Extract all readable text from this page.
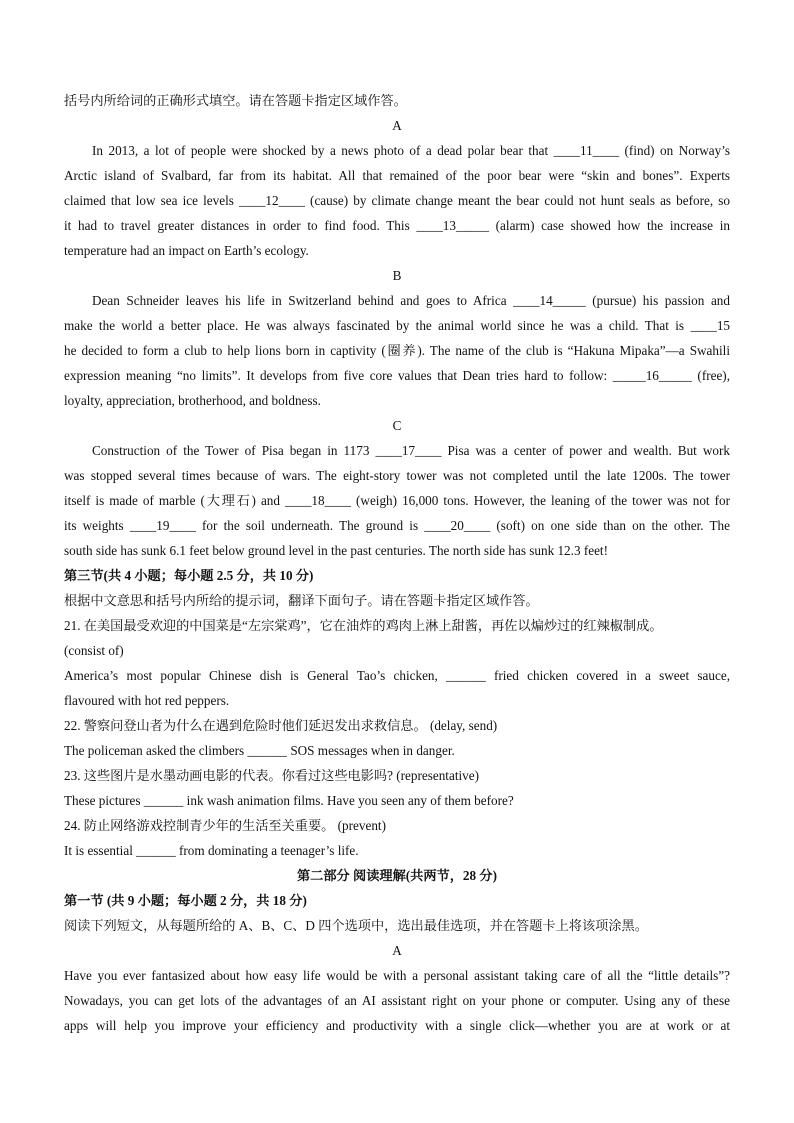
括号内所给词的正确形式填空。请在答题卡指定区域作答。
A
In 2013, a lot of people were shocked by a news photo of a dead polar bear that ____11____ (find) on Norway’s
Arctic island of Svalbard, far from its habitat. All that remained of the poor bear were “skin and bones”. Experts
claimed that low sea ice levels ____12____ (cause) by climate change meant the bear could not hunt seals as before, so
it had to travel greater distances in order to find food. This ____13_____ (alarm) case showed how the increase in
temperature had an impact on Earth’s ecology.
B
Dean Schneider leaves his life in Switzerland behind and goes to Africa ____14_____ (pursue) his passion and
make the world a better place. He was always fascinated by the animal world since he was a child. That is ____15
he decided to form a club to help lions born in captivity (圈养). The name of the club is “Hakuna Mipaka”—a Swahili
expression meaning “no limits”. It develops from five core values that Dean tries hard to follow: _____16_____ (free),
loyalty, appreciation, brotherhood, and boldness.
C
Construction of the Tower of Pisa began in 1173 ____17____ Pisa was a center of power and wealth. But work
was stopped several times because of wars. The eight-story tower was not completed until the late 1200s. The tower
itself is made of marble (大理石) and ____18____ (weigh) 16,000 tons. However, the leaning of the tower was not for
its weights ____19____ for the soil underneath. The ground is ____20____ (soft) on one side than on the other. The
south side has sunk 6.1 feet below ground level in the past centuries. The north side has sunk 12.3 feet!
第三节(共 4 小题；每小题 2.5 分，共 10 分)
根据中文意思和括号内所给的提示词，翻译下面句子。请在答题卡指定区域作答。
21. 在美国最受欢迎的中国菜是“左宗棠鸡”，它在油炸的鸡肉上淋上甜酱，再佐以煸炒过的红辣椒制成。
(consist of)
America’s most popular Chinese dish is General Tao’s chicken, ______ fried chicken covered in a sweet sauce,
flavoured with hot red peppers.
22. 警察问登山者为什么在遇到危险时他们延迟发出求救信息。 (delay, send)
The policeman asked the climbers ______ SOS messages when in danger.
23. 这些图片是水墨动画电影的代表。你看过这些电影吗? (representative)
These pictures ______ ink wash animation films. Have you seen any of them before?
24. 防止网络游戏控制青少年的生活至关重要。 (prevent)
It is essential ______ from dominating a teenager’s life.
第二部分 阅读理解(共两节，28 分)
第一节 (共 9 小题；每小题 2 分，共 18 分)
阅读下列短文，从每题所给的 A、B、C、D 四个选项中，选出最佳选项，并在答题卡上将该项涂黑。
A
Have you ever fantasized about how easy life would be with a personal assistant taking care of all the “little details”?
Nowadays, you can get lots of the advantages of an AI assistant right on your phone or computer. Using any of these
apps will help you improve your efficiency and productivity with a single click—whether you are at work or at
